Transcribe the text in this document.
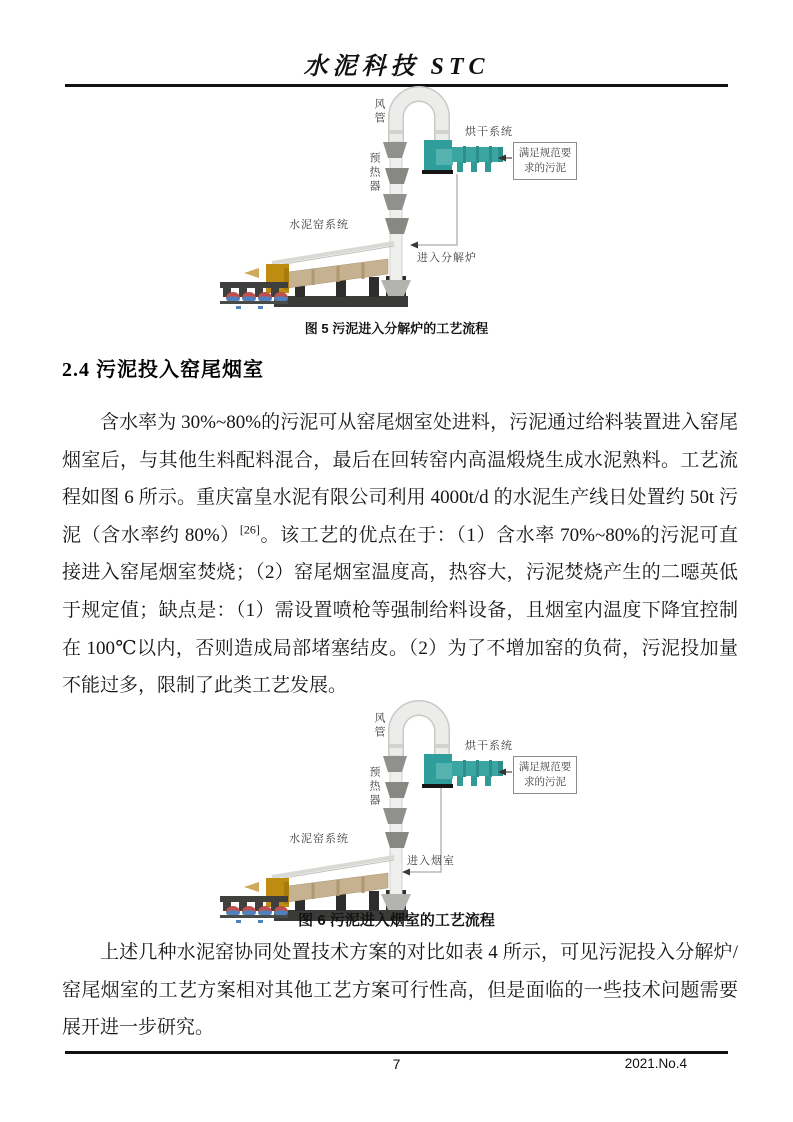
水泥科技 STC
风管
烘干系统
预热器
水泥窑系统
进入分解炉
满足规范要求的污泥
图 5 污泥进入分解炉的工艺流程
2.4 污泥投入窑尾烟室
含水率为 30%~80%的污泥可从窑尾烟室处进料，污泥通过给料装置进入窑尾烟室后，与其他生料配料混合，最后在回转窑内高温煅烧生成水泥熟料。工艺流程如图 6 所示。重庆富皇水泥有限公司利用 4000t/d 的水泥生产线日处置约 50t 污泥（含水率约 80%）[26]。该工艺的优点在于：（1）含水率 70%~80%的污泥可直接进入窑尾烟室焚烧；（2）窑尾烟室温度高，热容大，污泥焚烧产生的二噁英低于规定值；缺点是：（1）需设置喷枪等强制给料设备，且烟室内温度下降宜控制在 100℃以内，否则造成局部堵塞结皮。（2）为了不增加窑的负荷，污泥投加量不能过多，限制了此类工艺发展。
风管
烘干系统
预热器
水泥窑系统
进入烟室
满足规范要求的污泥
图 6 污泥进入烟室的工艺流程
上述几种水泥窑协同处置技术方案的对比如表 4 所示，可见污泥投入分解炉/窑尾烟室的工艺方案相对其他工艺方案可行性高，但是面临的一些技术问题需要展开进一步研究。
7	2021.No.4
